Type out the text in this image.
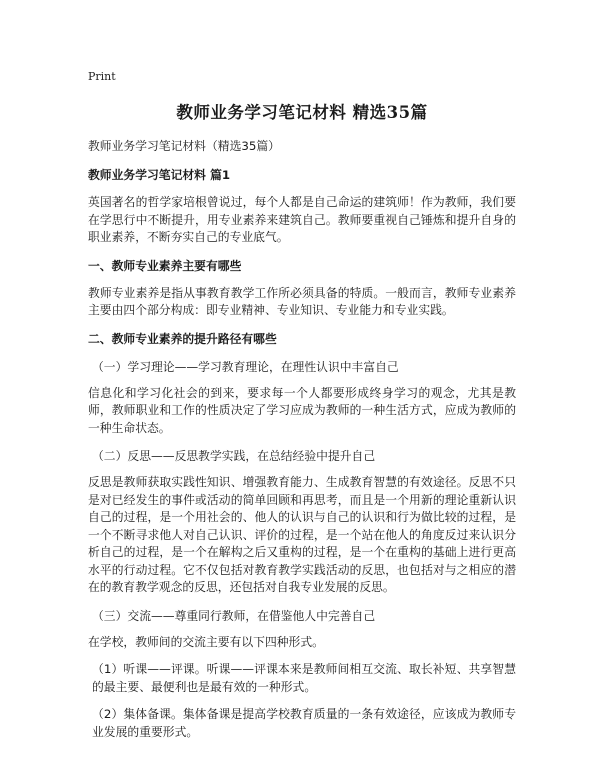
Print
教师业务学习笔记材料 精选35篇
教师业务学习笔记材料（精选35篇）
教师业务学习笔记材料 篇1

英国著名的哲学家培根曾说过，每个人都是自己命运的建筑师！作为教师，我们要在学思行中不断提升，用专业素养来建筑自己。教师要重视自己锤炼和提升自身的职业素养，不断夯实自己的专业底气。

一、教师专业素养主要有哪些

教师专业素养是指从事教育教学工作所必须具备的特质。一般而言，教师专业素养主要由四个部分构成：即专业精神、专业知识、专业能力和专业实践。

二、教师专业素养的提升路径有哪些
（一）学习理论——学习教育理论，在理性认识中丰富自己

信息化和学习化社会的到来，要求每一个人都要形成终身学习的观念，尤其是教师，教师职业和工作的性质决定了学习应成为教师的一种生活方式，应成为教师的一种生命状态。

（二）反思——反思教学实践，在总结经验中提升自己

反思是教师获取实践性知识、增强教育能力、生成教育智慧的有效途径。反思不只是对已经发生的事件或活动的简单回顾和再思考，而且是一个用新的理论重新认识自己的过程，是一个用社会的、他人的认识与自己的认识和行为做比较的过程，是一个不断寻求他人对自己认识、评价的过程，是一个站在他人的角度反过来认识分析自己的过程，是一个在解构之后又重构的过程，是一个在重构的基础上进行更高水平的行动过程。它不仅包括对教育教学实践活动的反思，也包括对与之相应的潜在的教育教学观念的反思，还包括对自我专业发展的反思。

（三）交流——尊重同行教师，在借鉴他人中完善自己

在学校，教师间的交流主要有以下四种形式。

（1）听课——评课。听课——评课本来是教师间相互交流、取长补短、共享智慧的最主要、最便利也是最有效的一种形式。

（2）集体备课。集体备课是提高学校教育质量的一条有效途径，应该成为教师专业发展的重要形式。
